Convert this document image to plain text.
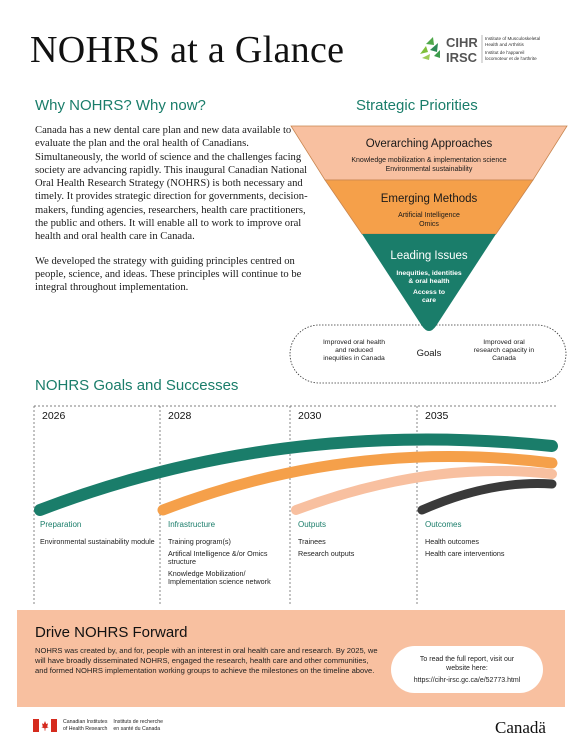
NOHRS at a Glance	CIHR
IRSC
Institute of Musculoskeletal
Health and Arthritis
Institut de l'appareil
locomoteur et de l'arthrite
Why NOHRS? Why now?

Canada has a new dental care plan and new data available to evaluate the plan and the oral health of Canadians. Simultaneously, the world of science and the challenges facing society are advancing rapidly. This inaugural Canadian National Oral Health Research Strategy (NOHRS) is both necessary and timely. It provides strategic direction for governments, decision-makers, funding agencies, researchers, health care practitioners, the public and others. It will enable all to work to improve oral health and oral health care in Canada.

We developed the strategy with guiding principles centred on people, science, and ideas. These principles will continue to be integral throughout implementation.

Strategic Priorities
Overarching Approaches
Knowledge mobilization & implementation science
Environmental sustainability
Emerging Methods
Artificial Intelligence
Omics
Leading Issues
Inequities, identities
& oral health
Access to
care
Improved oral health
and reduced
inequities in Canada	Goals
Improved oral
research capacity in
Canada
NOHRS Goals and Successes
2026	2028	2030	2035
Preparation
Environmental sustainability module
Infrastructure
Training program(s)
Artifical Intelligence &/or Omics structure
Knowledge Mobilization/ Implementation science network
Outputs
Trainees
Research outputs
Outcomes
Health outcomes
Health care interventions
Drive NOHRS Forward
NOHRS was created by, and for, people with an interest in oral health care and research. By 2025, we will have broadly disseminated NOHRS, engaged the research, health care and other communities, and formed NOHRS implementation working groups to achieve the milestones on the timeline above.
To read the full report, visit our
website here:
https://cihr-irsc.gc.ca/e/52773.html
Canadian Institutes
of Health Research
Instituts de recherche
en santé du Canada	Canadä
